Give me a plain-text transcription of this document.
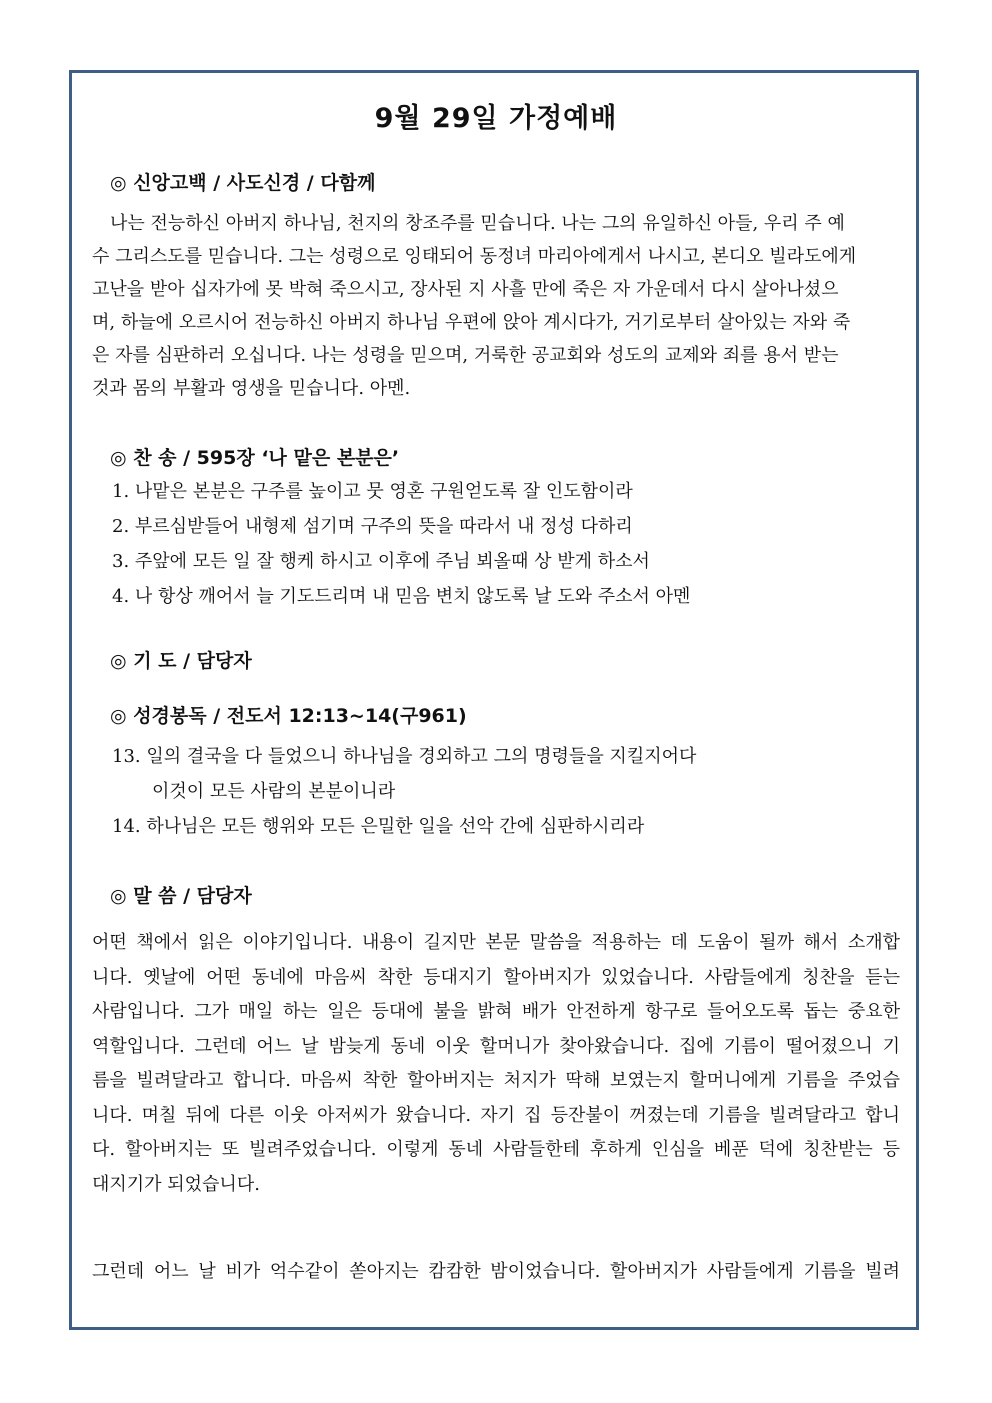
9월 29일 가정예배
◎ 신앙고백 / 사도신경 / 다함께
나는 전능하신 아버지 하나님, 천지의 창조주를 믿습니다. 나는 그의 유일하신 아들, 우리 주 예
수 그리스도를 믿습니다. 그는 성령으로 잉태되어 동정녀 마리아에게서 나시고, 본디오 빌라도에게
고난을 받아 십자가에 못 박혀 죽으시고, 장사된 지 사흘 만에 죽은 자 가운데서 다시 살아나셨으
며, 하늘에 오르시어 전능하신 아버지 하나님 우편에 앉아 계시다가, 거기로부터 살아있는 자와 죽
은 자를 심판하러 오십니다. 나는 성령을 믿으며, 거룩한 공교회와 성도의 교제와 죄를 용서 받는
것과 몸의 부활과 영생을 믿습니다. 아멘.
◎ 찬 송 / 595장 ‘나 맡은 본분은’
1. 나맡은 본분은 구주를 높이고 뭇 영혼 구원얻도록 잘 인도함이라
2. 부르심받들어 내형제 섬기며 구주의 뜻을 따라서 내 정성 다하리
3. 주앞에 모든 일 잘 행케 하시고 이후에 주님 뵈올때 상 받게 하소서
4. 나 항상 깨어서 늘 기도드리며 내 믿음 변치 않도록 날 도와 주소서 아멘
◎ 기 도 / 담당자
◎ 성경봉독 / 전도서 12:13~14(구961)
13. 일의 결국을 다 들었으니 하나님을 경외하고 그의 명령들을 지킬지어다
이것이 모든 사람의 본분이니라
14. 하나님은 모든 행위와 모든 은밀한 일을 선악 간에 심판하시리라
◎ 말 씀 / 담당자
어떤 책에서 읽은 이야기입니다. 내용이 길지만 본문 말씀을 적용하는 데 도움이 될까 해서 소개합
니다. 옛날에 어떤 동네에 마음씨 착한 등대지기 할아버지가 있었습니다. 사람들에게 칭찬을 듣는
사람입니다. 그가 매일 하는 일은 등대에 불을 밝혀 배가 안전하게 항구로 들어오도록 돕는 중요한
역할입니다. 그런데 어느 날 밤늦게 동네 이웃 할머니가 찾아왔습니다. 집에 기름이 떨어졌으니 기
름을 빌려달라고 합니다. 마음씨 착한 할아버지는 처지가 딱해 보였는지 할머니에게 기름을 주었습
니다. 며칠 뒤에 다른 이웃 아저씨가 왔습니다. 자기 집 등잔불이 꺼졌는데 기름을 빌려달라고 합니
다. 할아버지는 또 빌려주었습니다. 이렇게 동네 사람들한테 후하게 인심을 베푼 덕에 칭찬받는 등
대지기가 되었습니다.
그런데 어느 날 비가 억수같이 쏟아지는 캄캄한 밤이었습니다. 할아버지가 사람들에게 기름을 빌려
